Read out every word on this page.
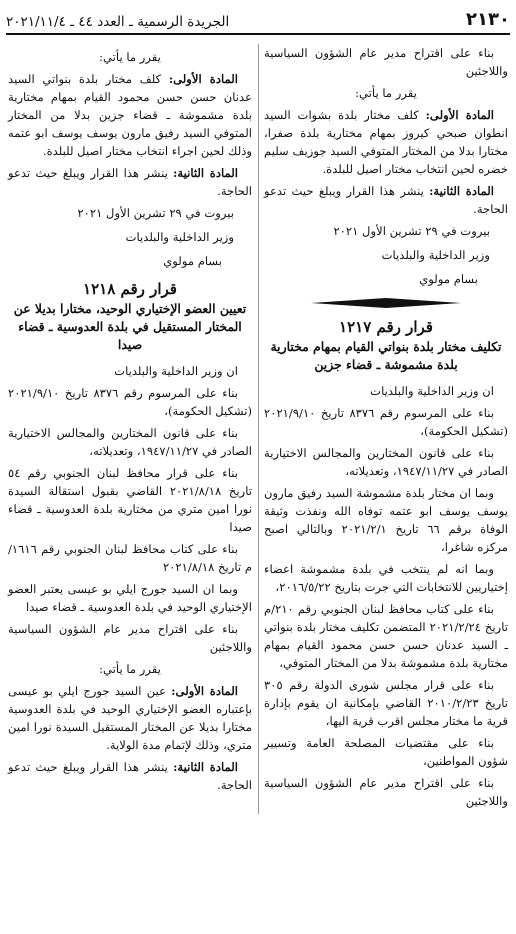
٢١٣٠
الجريدة الرسمية ـ العدد ٤٤ ـ ٢٠٢١/١١/٤

بناء على اقتراح مدير عام الشؤون السياسية واللاجئين

يقرر ما يأتي:

المادة الأولى: كلف مختار بلدة بشوات السيد انطوان صبحي كيروز بمهام مختارية بلدة صفرا، مختارا بدلا من المختار المتوفي السيد جوزيف سليم خضره لحين انتخاب مختار اصيل للبلدة.

المادة الثانية: ينشر هذا القرار ويبلغ حيث تدعو الحاجة.

بيروت في ٢٩ تشرين الأول ٢٠٢١

وزير الداخلية والبلديات

بسام مولوي

قرار رقم ١٢١٧

تكليف مختار بلدة بنواتي القيام بمهام مختارية بلدة مشموشة ـ قضاء جزين

ان وزير الداخلية والبلديات

بناء على المرسوم رقم ٨٣٧٦ تاريخ ٢٠٢١/٩/١٠ (تشكيل الحكومة)،

بناء على قانون المختارين والمجالس الاختيارية الصادر في ١٩٤٧/١١/٢٧، وتعديلاته،

وبما ان مختار بلدة مشموشة السيد رفيق مارون يوسف يوسف ابو عتمه توفاه الله ونفذت وثيقة الوفاة برقم ٦٦ تاريخ ٢٠٢١/٢/١ وبالتالي اصبح مركزه شاغرا،

وبما انه لم ينتخب في بلدة مشموشة اعضاء إختياريين للانتخابات التي جرت بتاريخ ٢٠١٦/٥/٢٢،

بناء على كتاب محافظ لبنان الجنوبي رقم ٢١٠/م تاريخ ٢٠٢١/٢/٢٤ المتضمن تكليف مختار بلدة بنواتي ـ السيد عدنان حسن حسن محمود القيام بمهام مختارية بلدة مشموشة بدلا من المختار المتوفي،

بناء على قرار مجلس شورى الدولة رقم ٣٠٥ تاريخ ٢٠١٠/٢/٢٣ القاضي بإمكانية ان يقوم بإدارة قرية ما مختار مجلس اقرب قرية اليها،

بناء على مقتضيات المصلحة العامة وتسيير شؤون المواطنين،

بناء على اقتراح مدير عام الشؤون السياسية واللاجئين

يقرر ما يأتي:

المادة الأولى: كلف مختار بلدة بنواتي السيد عدنان حسن حسن محمود القيام بمهام مختارية بلدة مشموشة ـ قضاء جزين بدلا من المختار المتوفي السيد رفيق مارون يوسف يوسف ابو عتمه وذلك لحين اجراء انتخاب مختار اصيل للبلدة.

المادة الثانية: ينشر هذا القرار ويبلغ حيث تدعو الحاجة.

بيروت في ٢٩ تشرين الأول ٢٠٢١

وزير الداخلية والبلديات

بسام مولوي

قرار رقم ١٢١٨

تعيين العضو الإختياري الوحيد، مختارا بديلا عن المختار المستقيل في بلدة العدوسية ـ قضاء صيدا

ان وزير الداخلية والبلديات

بناء على المرسوم رقم ٨٣٧٦ تاريخ ٢٠٢١/٩/١٠ (تشكيل الحكومة)،

بناء على قانون المختارين والمجالس الاختيارية الصادر في ١٩٤٧/١١/٢٧، وتعديلاته،

بناء على قرار محافظ لبنان الجنوبي رقم ٥٤ تاريخ ٢٠٢١/٨/١٨ القاضي بقبول استقالة السيدة نورا امين متري من مختارية بلدة العدوسية ـ قضاء صيدا

بناء على كتاب محافظ لبنان الجنوبي رقم ١٦١٦/م تاريخ ٢٠٢١/٨/١٨

وبما ان السيد جورج ايلي بو عيسى يعتبر العضو الإختياري الوحيد في بلدة العدوسية ـ قضاء صيدا

بناء على اقتراح مدير عام الشؤون السياسية واللاجئين

يقرر ما يأتي:

المادة الأولى: عين السيد جورج ايلي بو عيسى بإعتباره العضو الإختياري الوحيد في بلدة العدوسية مختارا بديلا عن المختار المستقيل السيدة نورا امين متري، وذلك لإتمام مدة الولاية.

المادة الثانية: ينشر هذا القرار ويبلغ حيث تدعو الحاجة.
